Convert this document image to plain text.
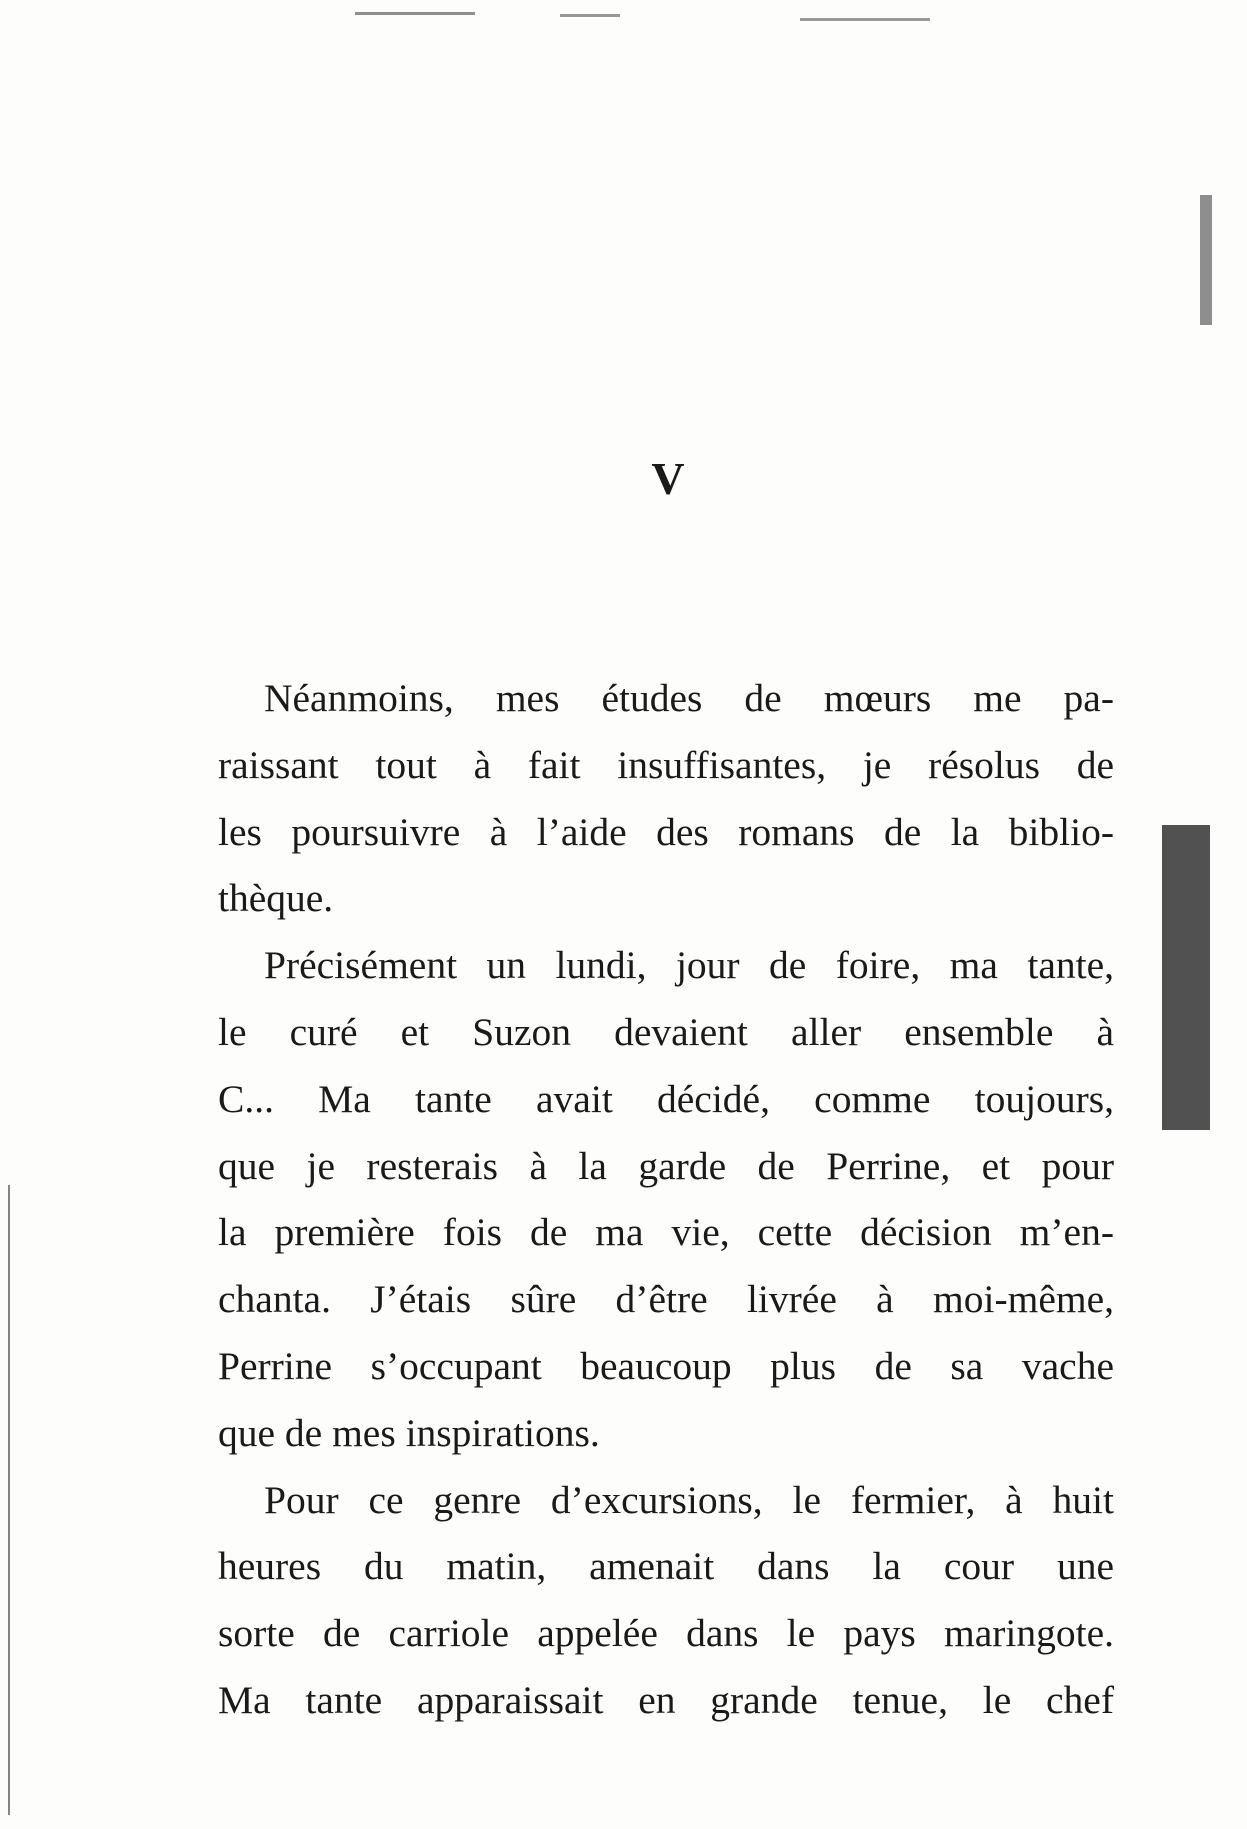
V
Néanmoins, mes études de mœurs me pa-
raissant tout à fait insuffisantes, je résolus de
les poursuivre à l’aide des romans de la biblio-
thèque.
Précisément un lundi, jour de foire, ma tante,
le curé et Suzon devaient aller ensemble à
C... Ma tante avait décidé, comme toujours,
que je resterais à la garde de Perrine, et pour
la première fois de ma vie, cette décision m’en-
chanta. J’étais sûre d’être livrée à moi-même,
Perrine s’occupant beaucoup plus de sa vache
que de mes inspirations.
Pour ce genre d’excursions, le fermier, à huit
heures du matin, amenait dans la cour une
sorte de carriole appelée dans le pays maringote.
Ma tante apparaissait en grande tenue, le chef
